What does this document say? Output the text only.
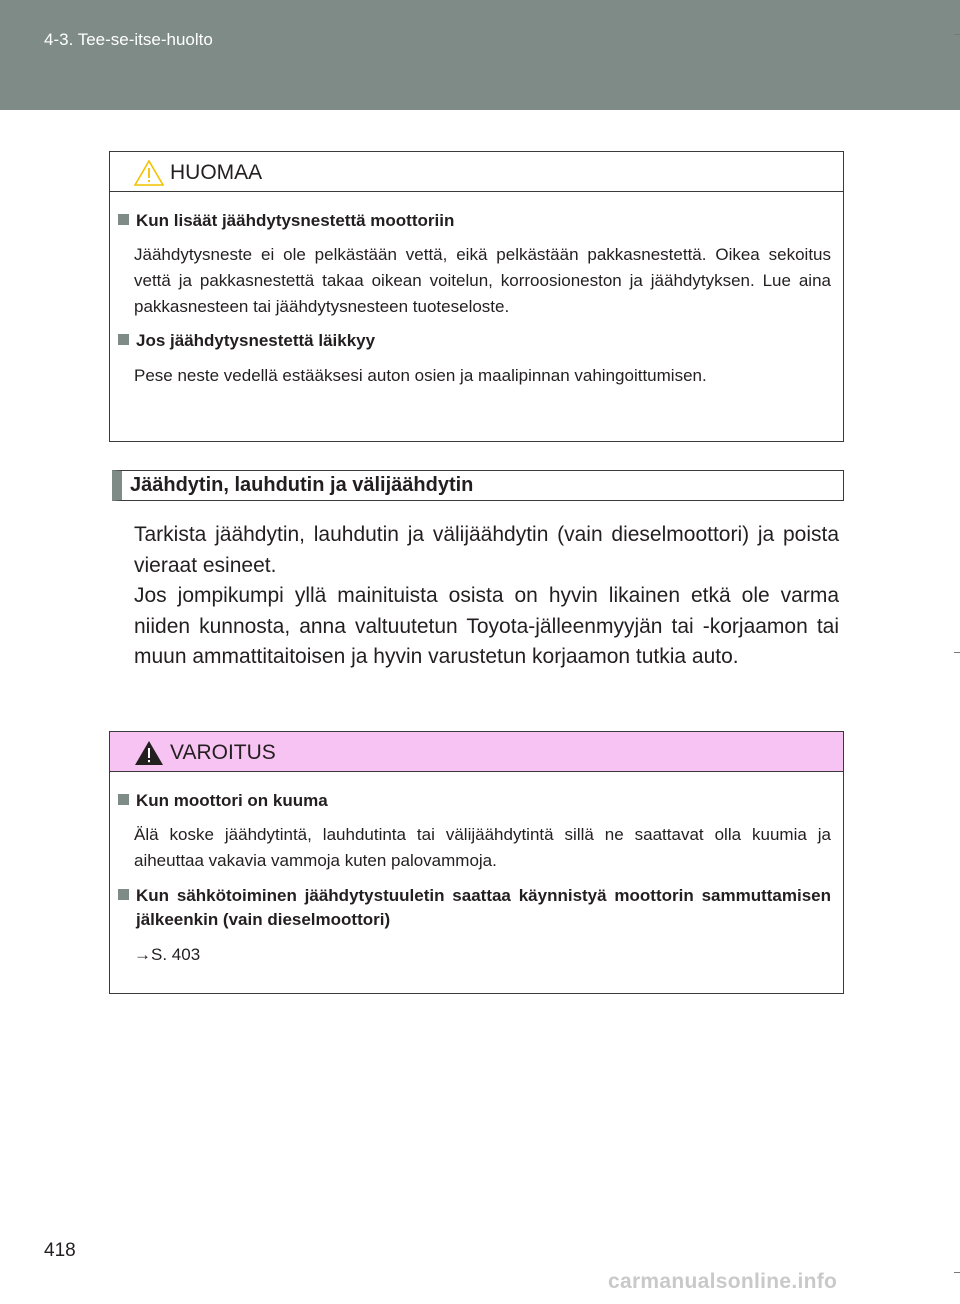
4-3. Tee-se-itse-huolto
HUOMAA
Kun lisäät jäähdytysnestettä moottoriin
Jäähdytysneste ei ole pelkästään vettä, eikä pelkästään pakkasnestettä. Oikea sekoitus vettä ja pakkasnestettä takaa oikean voitelun, korroosioneston ja jäähdytyksen. Lue aina pakkasnesteen tai jäähdytysnesteen tuoteseloste.
Jos jäähdytysnestettä läikkyy
Pese neste vedellä estääksesi auton osien ja maalipinnan vahingoittumisen.
Jäähdytin, lauhdutin ja välijäähdytin

Tarkista jäähdytin, lauhdutin ja välijäähdytin (vain dieselmoottori) ja poista vieraat esineet.

Jos jompikumpi yllä mainituista osista on hyvin likainen etkä ole varma niiden kunnosta, anna valtuutetun Toyota-jälleenmyyjän tai -korjaamon tai muun ammattitaitoisen ja hyvin varustetun korjaamon tutkia auto.

VAROITUS
Kun moottori on kuuma
Älä koske jäähdytintä, lauhdutinta tai välijäähdytintä sillä ne saattavat olla kuumia ja aiheuttaa vakavia vammoja kuten palovammoja.
Kun sähkötoiminen jäähdytystuuletin saattaa käynnistyä moottorin sammuttamisen jälkeenkin (vain dieselmoottori)
→S. 403
418
carmanualsonline.info
